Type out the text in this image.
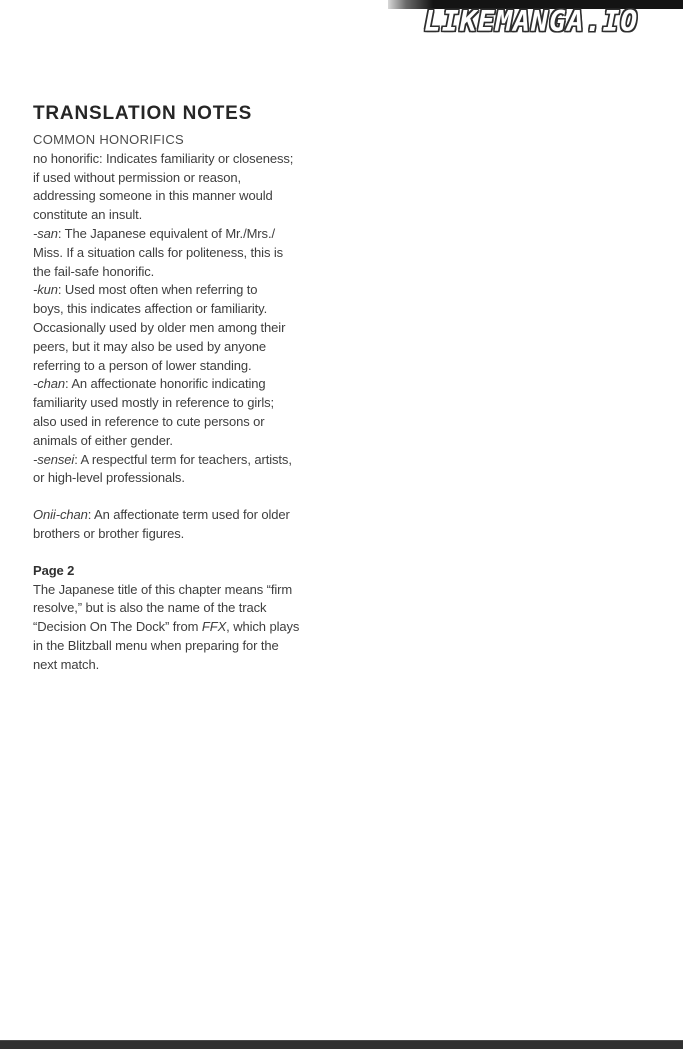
LIKEMANGA.IO
TRANSLATION NOTES
COMMON HONORIFICS
no honorific: Indicates familiarity or closeness;
if used without permission or reason,
addressing someone in this manner would
constitute an insult.
-san: The Japanese equivalent of Mr./Mrs./
Miss. If a situation calls for politeness, this is
the fail-safe honorific.
-kun: Used most often when referring to
boys, this indicates affection or familiarity.
Occasionally used by older men among their
peers, but it may also be used by anyone
referring to a person of lower standing.
-chan: An affectionate honorific indicating
familiarity used mostly in reference to girls;
also used in reference to cute persons or
animals of either gender.
-sensei: A respectful term for teachers, artists,
or high-level professionals.
Onii-chan: An affectionate term used for older
brothers or brother figures.
Page 2
The Japanese title of this chapter means “firm
resolve,” but is also the name of the track
“Decision On The Dock” from FFX, which plays
in the Blitzball menu when preparing for the
next match.
